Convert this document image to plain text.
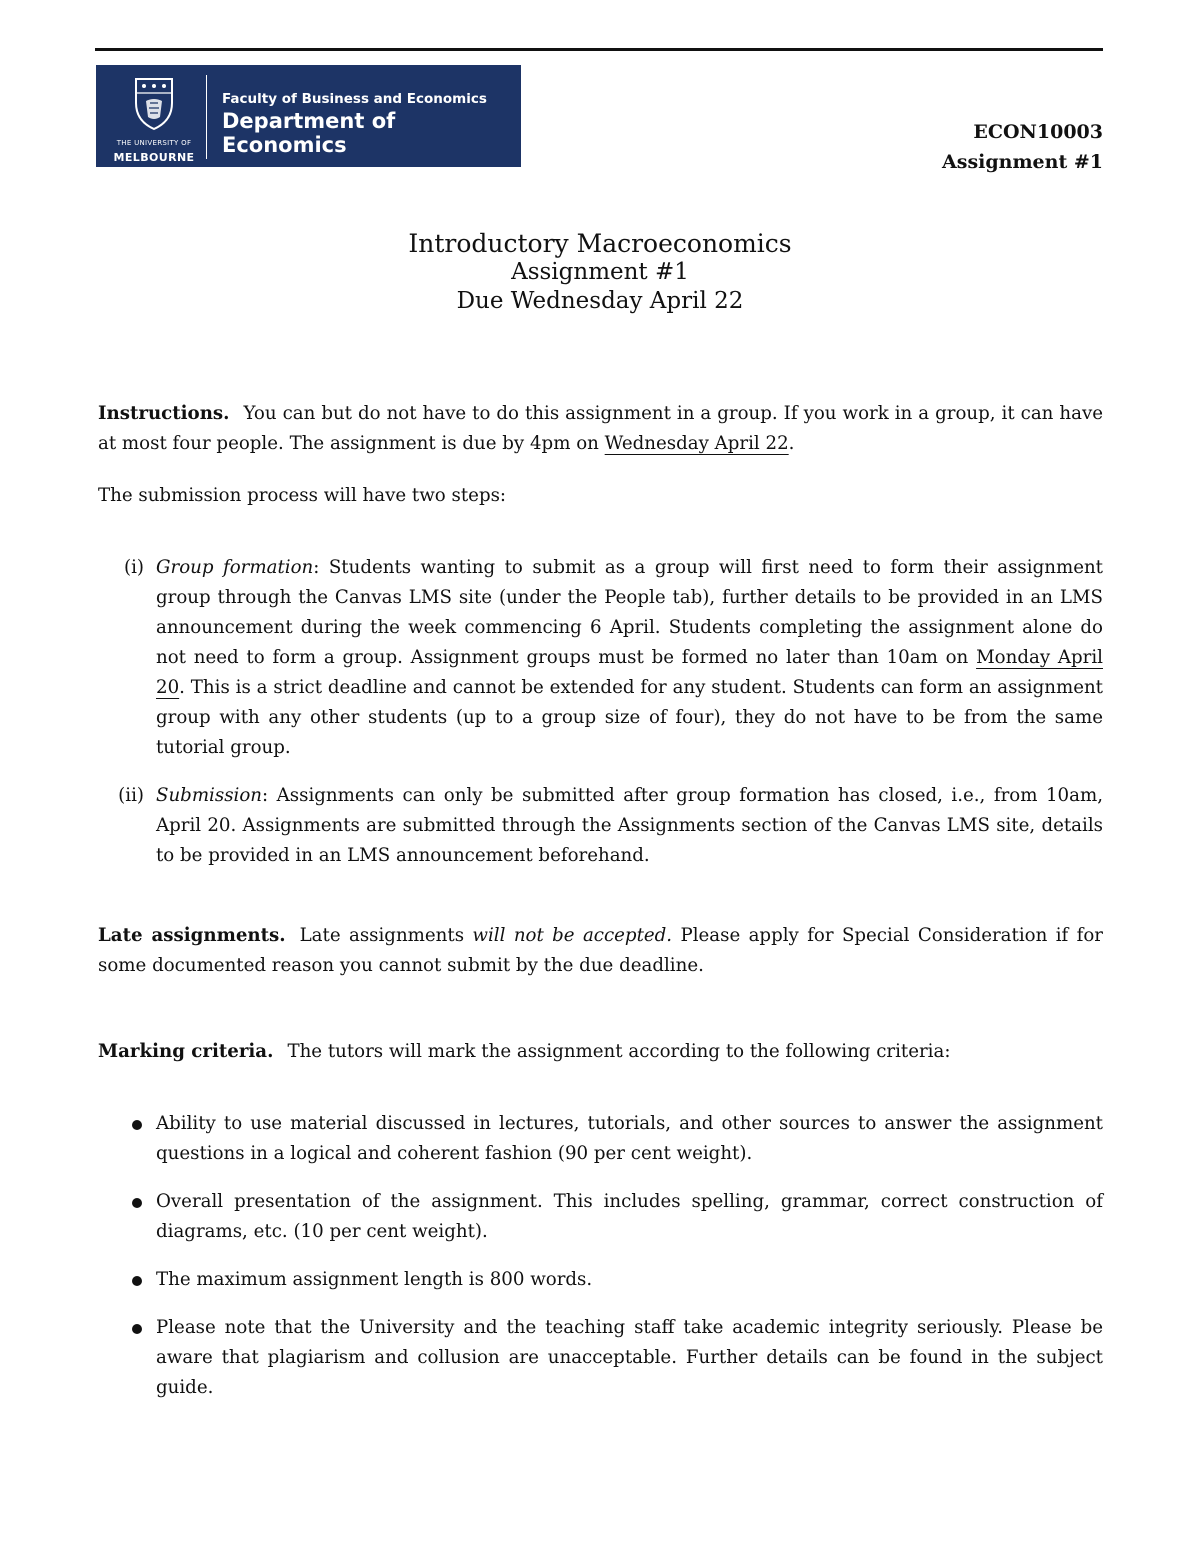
THE UNIVERSITY OF
MELBOURNE
Faculty of Business and Economics
Department of Economics
ECON10003
Assignment #1
Introductory Macroeconomics
Assignment #1
Due Wednesday April 22
Instructions. You can but do not have to do this assignment in a group. If you work in a group, it can have at most four people. The assignment is due by 4pm on Wednesday April 22.
The submission process will have two steps:
(i) Group formation: Students wanting to submit as a group will first need to form their assignment group through the Canvas LMS site (under the People tab), further details to be provided in an LMS announcement during the week commencing 6 April. Students completing the assignment alone do not need to form a group. Assignment groups must be formed no later than 10am on Monday April 20. This is a strict deadline and cannot be extended for any student. Students can form an assignment group with any other students (up to a group size of four), they do not have to be from the same tutorial group.
(ii) Submission: Assignments can only be submitted after group formation has closed, i.e., from 10am, April 20. Assignments are submitted through the Assignments section of the Canvas LMS site, details to be provided in an LMS announcement beforehand.
Late assignments. Late assignments will not be accepted. Please apply for Special Consideration if for some documented reason you cannot submit by the due deadline.
Marking criteria. The tutors will mark the assignment according to the following criteria:
Ability to use material discussed in lectures, tutorials, and other sources to answer the assignment questions in a logical and coherent fashion (90 per cent weight).
Overall presentation of the assignment. This includes spelling, grammar, correct construction of diagrams, etc. (10 per cent weight).
The maximum assignment length is 800 words.
Please note that the University and the teaching staff take academic integrity seriously. Please be aware that plagiarism and collusion are unacceptable. Further details can be found in the subject guide.
